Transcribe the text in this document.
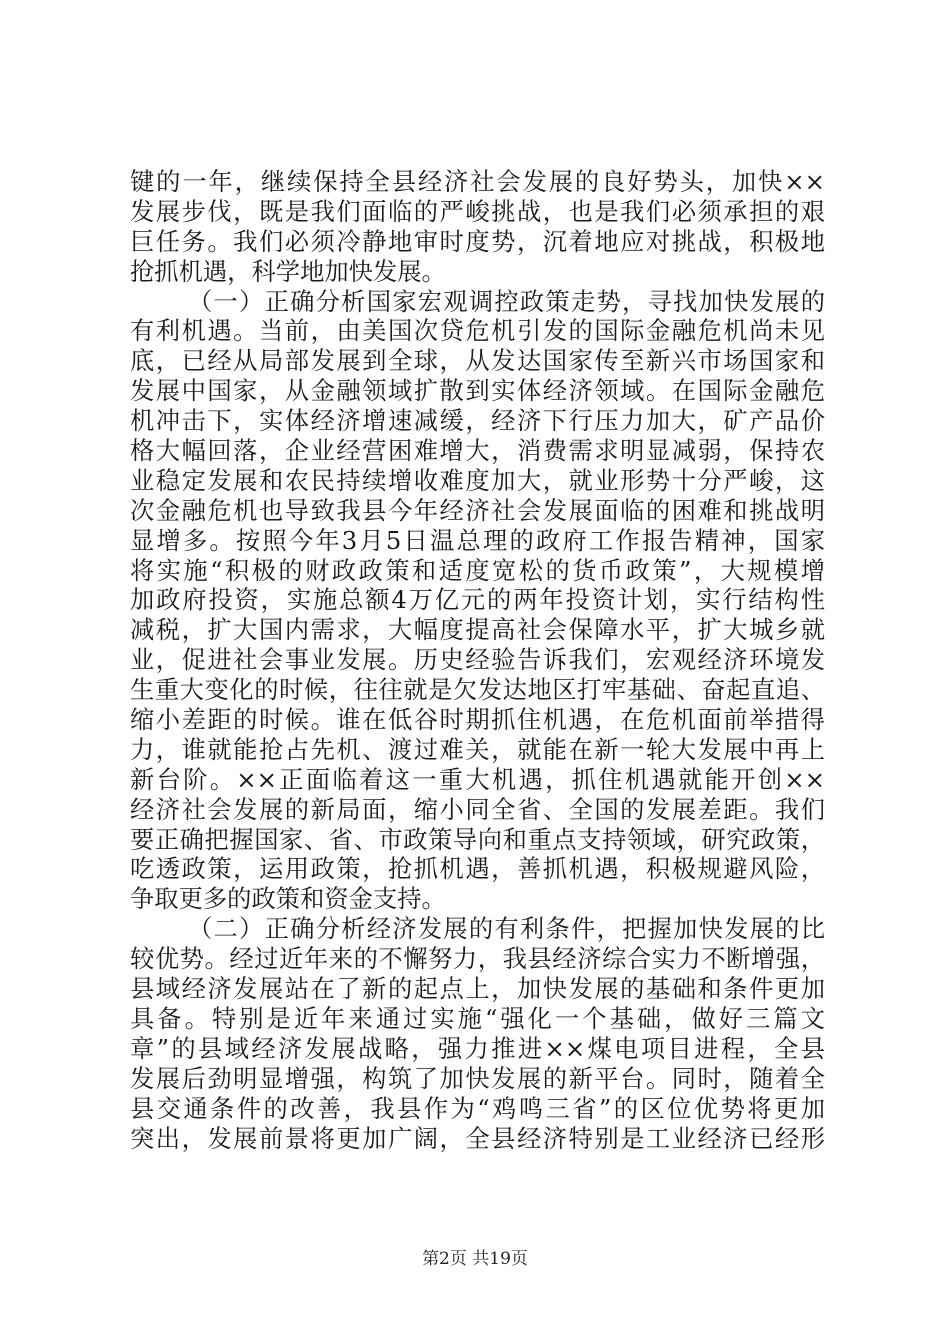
键的一年，继续保持全县经济社会发展的良好势头，加快××
发展步伐，既是我们面临的严峻挑战，也是我们必须承担的艰
巨任务。我们必须冷静地审时度势，沉着地应对挑战，积极地
抢抓机遇，科学地加快发展。
（一）正确分析国家宏观调控政策走势，寻找加快发展的
有利机遇。当前，由美国次贷危机引发的国际金融危机尚未见
底，已经从局部发展到全球，从发达国家传至新兴市场国家和
发展中国家，从金融领域扩散到实体经济领域。在国际金融危
机冲击下，实体经济增速减缓，经济下行压力加大，矿产品价
格大幅回落，企业经营困难增大，消费需求明显减弱，保持农
业稳定发展和农民持续增收难度加大，就业形势十分严峻，这
次金融危机也导致我县今年经济社会发展面临的困难和挑战明
显增多。按照今年3月5日温总理的政府工作报告精神，国家
将实施“积极的财政政策和适度宽松的货币政策”，大规模增
加政府投资，实施总额4万亿元的两年投资计划，实行结构性
减税，扩大国内需求，大幅度提高社会保障水平，扩大城乡就
业，促进社会事业发展。历史经验告诉我们，宏观经济环境发
生重大变化的时候，往往就是欠发达地区打牢基础、奋起直追、
缩小差距的时候。谁在低谷时期抓住机遇，在危机面前举措得
力，谁就能抢占先机、渡过难关，就能在新一轮大发展中再上
新台阶。××正面临着这一重大机遇，抓住机遇就能开创××
经济社会发展的新局面，缩小同全省、全国的发展差距。我们
要正确把握国家、省、市政策导向和重点支持领域，研究政策，
吃透政策，运用政策，抢抓机遇，善抓机遇，积极规避风险，
争取更多的政策和资金支持。
（二）正确分析经济发展的有利条件，把握加快发展的比
较优势。经过近年来的不懈努力，我县经济综合实力不断增强，
县域经济发展站在了新的起点上，加快发展的基础和条件更加
具备。特别是近年来通过实施“强化一个基础，做好三篇文
章”的县域经济发展战略，强力推进××煤电项目进程，全县
发展后劲明显增强，构筑了加快发展的新平台。同时，随着全
县交通条件的改善，我县作为“鸡鸣三省”的区位优势将更加
突出，发展前景将更加广阔，全县经济特别是工业经济已经形
第2页 共19页
